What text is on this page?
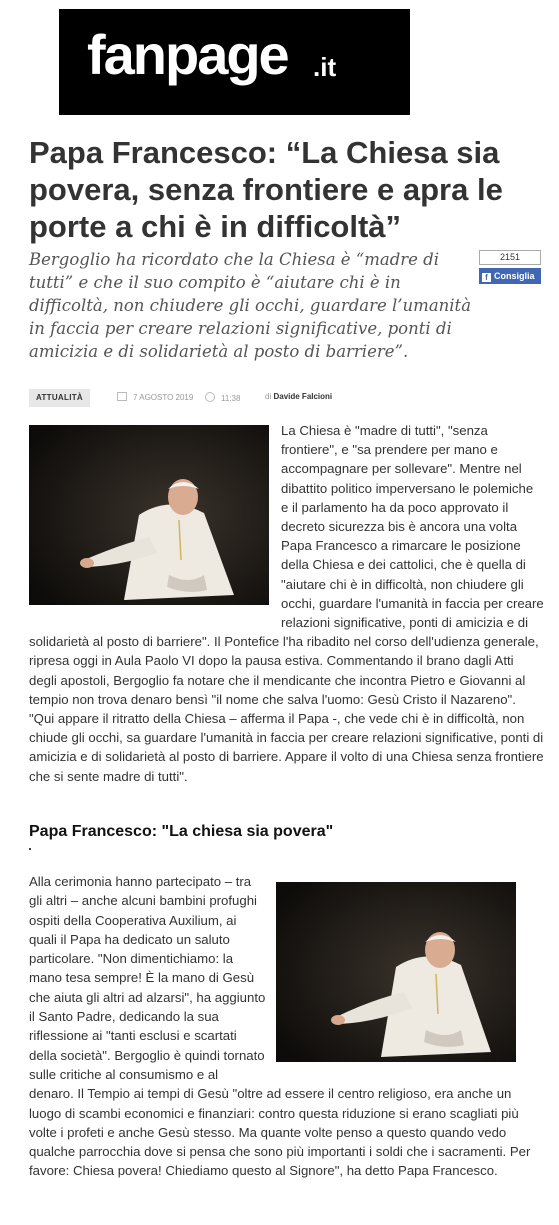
fanpage .it
Papa Francesco: “La Chiesa sia povera, senza frontiere e apra le porte a chi è in difficoltà”

Bergoglio ha ricordato che la Chiesa è “madre di tutti” e che il suo compito è “aiutare chi è in difficoltà, non chiudere gli occhi, guardare l’umanità in faccia per creare relazioni significative, ponti di amicizia e di solidarietà al posto di barriere”.

2151
f Consiglia
ATTUALITÀ	7 AGOSTO 2019	11:38	di Davide Falcioni

La Chiesa è "madre di tutti", "senza frontiere", e "sa prendere per mano e accompagnare per sollevare". Mentre nel dibattito politico imperversano le polemiche e il parlamento ha da poco approvato il decreto sicurezza bis è ancora una volta Papa Francesco a rimarcare le posizione della Chiesa e dei cattolici, che è quella di "aiutare chi è in difficoltà, non chiudere gli occhi, guardare l'umanità in faccia per creare relazioni significative, ponti di amicizia e di solidarietà al posto di barriere". Il Pontefice l'ha ribadito nel corso dell'udienza generale, ripresa oggi in Aula Paolo VI dopo la pausa estiva. Commentando il brano dagli Atti degli apostoli, Bergoglio fa notare che il mendicante che incontra Pietro e Giovanni al tempio non trova denaro bensì "il nome che salva l'uomo: Gesù Cristo il Nazareno". "Qui appare il ritratto della Chiesa – afferma il Papa -, che vede chi è in difficoltà, non chiude gli occhi, sa guardare l'umanità in faccia per creare relazioni significative, ponti di amicizia e di solidarietà al posto di barriere. Appare il volto di una Chiesa senza frontiere che si sente madre di tutti".

Papa Francesco: "La chiesa sia povera"

Alla cerimonia hanno partecipato – tra gli altri – anche alcuni bambini profughi ospiti della Cooperativa Auxilium, ai quali il Papa ha dedicato un saluto particolare. "Non dimentichiamo: la mano tesa sempre! È la mano di Gesù che aiuta gli altri ad alzarsi", ha aggiunto il Santo Padre, dedicando la sua riflessione ai "tanti esclusi e scartati della società". Bergoglio è quindi tornato sulle critiche al consumismo e al denaro. Il Tempio ai tempi di Gesù "oltre ad essere il centro religioso, era anche un luogo di scambi economici e finanziari: contro questa riduzione si erano scagliati più volte i profeti e anche Gesù stesso. Ma quante volte penso a questo quando vedo qualche parrocchia dove si pensa che sono più importanti i soldi che i sacramenti. Per favore: Chiesa povera! Chiediamo questo al Signore", ha detto Papa Francesco.
